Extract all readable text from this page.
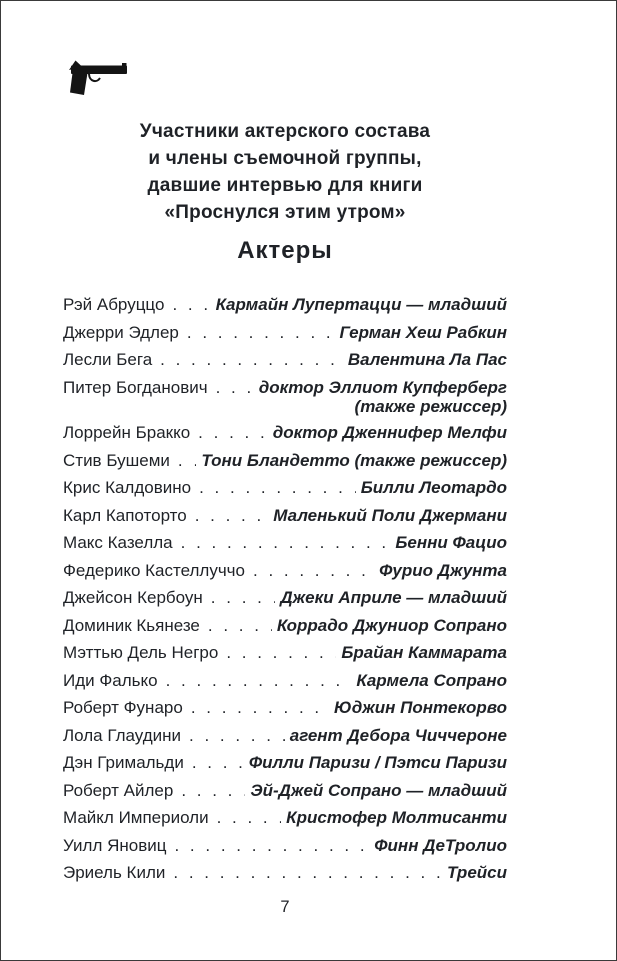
Участники актерского состава
и члены съемочной группы,
давшие интервью для книги
«Проснулся этим утром»
Актеры
Рэй Абруццо . . .	Кармайн Лупертацци — младший
Джерри Эдлер . . .	Герман Хеш Рабкин
Лесли Бега . . .	Валентина Ла Пас
Питер Богданович . . .	доктор Эллиот Купферберг
(также режиссер)
Лоррейн Бракко . . .	доктор Дженнифер Мелфи
Стив Бушеми . . . Тони Бландетто (также режиссер)
Крис Калдовино . . .	Билли Леотардо
Карл Капоторто . . .	Маленький Поли Джермани
Макс Казелла . . .	Бенни Фацио
Федерико Кастеллуччо . . .	Фурио Джунта
Джейсон Кербоун . . .	Джеки Априле — младший
Доминик Кьянезе . . .	Коррадо Джуниор Сопрано
Мэттью Дель Негро . . .	Брайан Каммарата
Иди Фалько . . .	Кармела Сопрано
Роберт Фунаро . . .	Юджин Понтекорво
Лола Глаудини . . .	агент Дебора Чиччероне
Дэн Гримальди . . .	Филли Паризи / Пэтси Паризи
Роберт Айлер . . .	Эй-Джей Сопрано — младший
Майкл Империоли . . .	Кристофер Молтисанти
Уилл Яновиц . . .	Финн ДеТролио
Эриель Кили . . .	Трейси
7
